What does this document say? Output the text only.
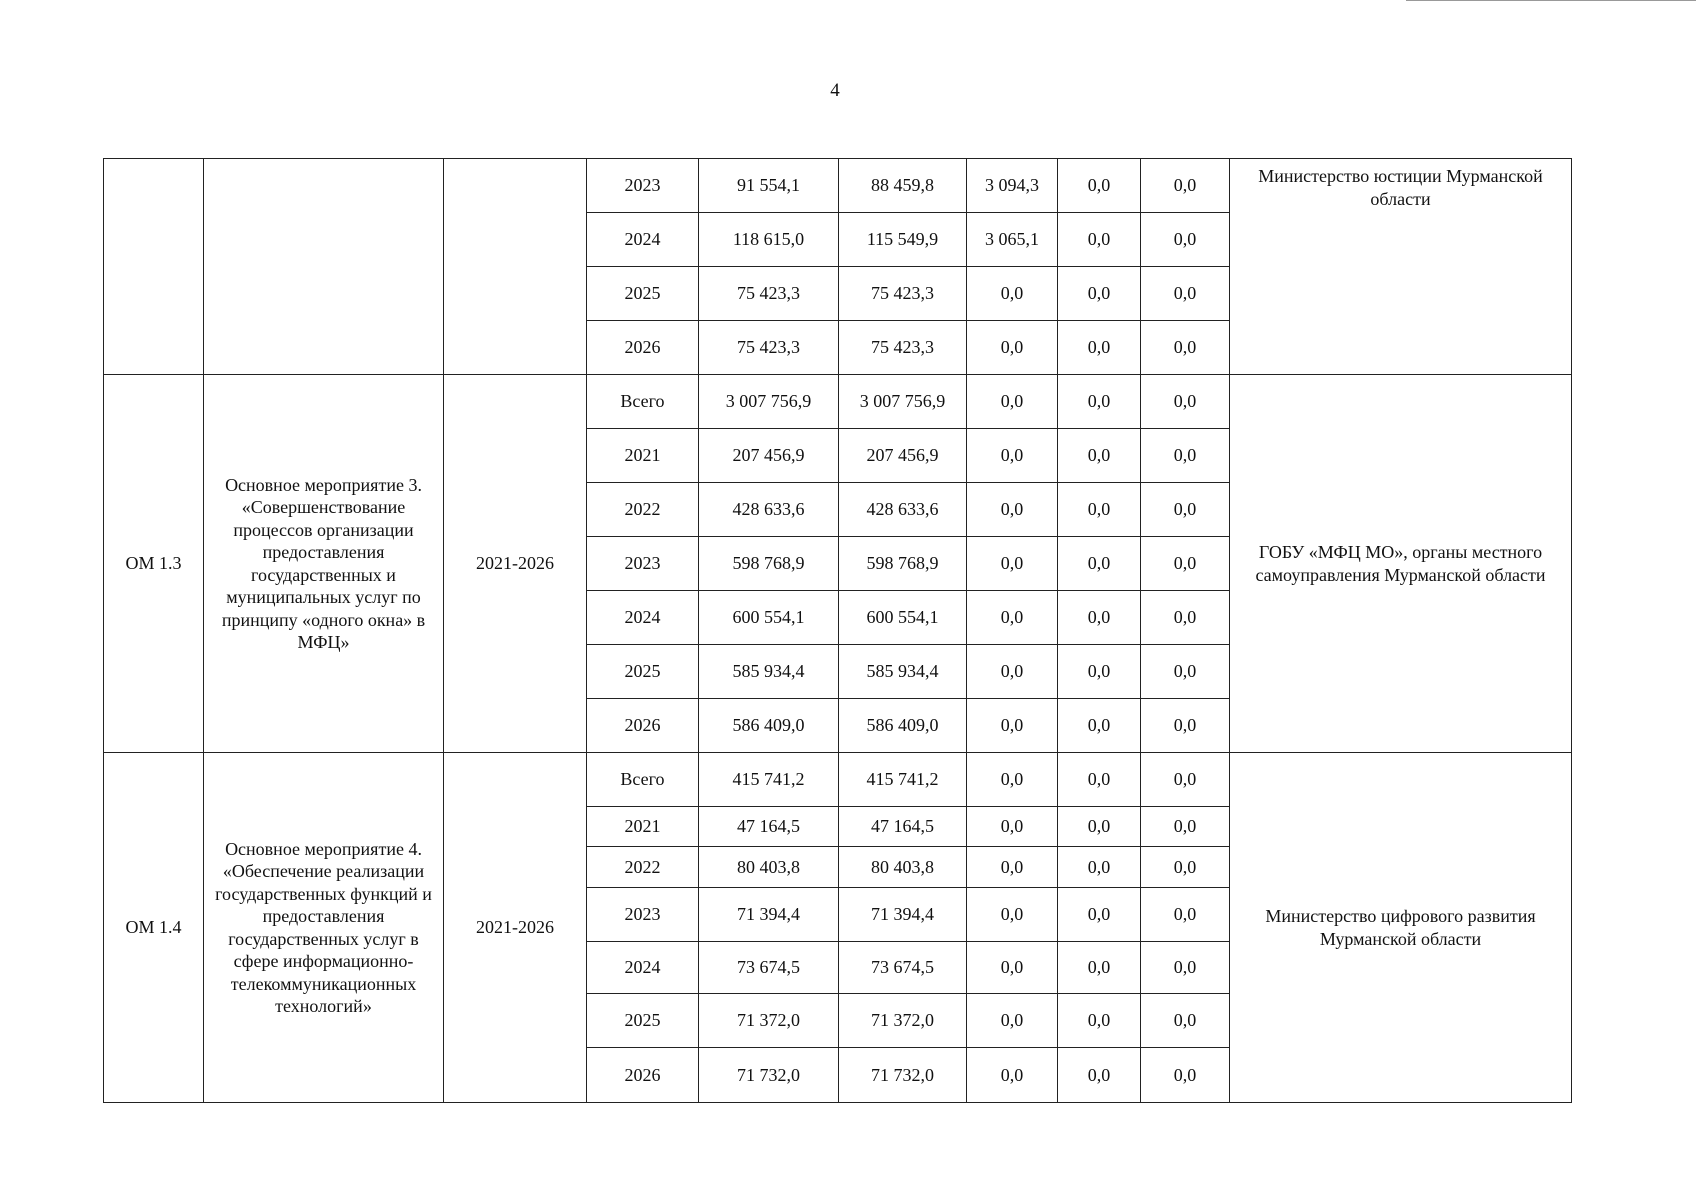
4
			2023	91 554,1	88 459,8	3 094,3	0,0	0,0	Министерство юстиции Мурманской области
			2024	118 615,0	115 549,9	3 065,1	0,0	0,0	
			2025	75 423,3	75 423,3	0,0	0,0	0,0	
			2026	75 423,3	75 423,3	0,0	0,0	0,0	
ОМ 1.3	Основное мероприятие 3. «Совершенствование процессов организации предоставления государственных и муниципальных услуг по принципу «одного окна» в МФЦ»	2021-2026	Всего	3 007 756,9	3 007 756,9	0,0	0,0	0,0	ГОБУ «МФЦ МО», органы местного самоуправления Мурманской области
			2021	207 456,9	207 456,9	0,0	0,0	0,0	
			2022	428 633,6	428 633,6	0,0	0,0	0,0	
			2023	598 768,9	598 768,9	0,0	0,0	0,0	
			2024	600 554,1	600 554,1	0,0	0,0	0,0	
			2025	585 934,4	585 934,4	0,0	0,0	0,0	
			2026	586 409,0	586 409,0	0,0	0,0	0,0	
ОМ 1.4	Основное мероприятие 4. «Обеспечение реализации государственных функций и предоставления государственных услуг в сфере информационно-телекоммуникационных технологий»	2021-2026	Всего	415 741,2	415 741,2	0,0	0,0	0,0	Министерство цифрового развития Мурманской области
			2021	47 164,5	47 164,5	0,0	0,0	0,0	
			2022	80 403,8	80 403,8	0,0	0,0	0,0	
			2023	71 394,4	71 394,4	0,0	0,0	0,0	
			2024	73 674,5	73 674,5	0,0	0,0	0,0	
			2025	71 372,0	71 372,0	0,0	0,0	0,0	
			2026	71 732,0	71 732,0	0,0	0,0	0,0	
